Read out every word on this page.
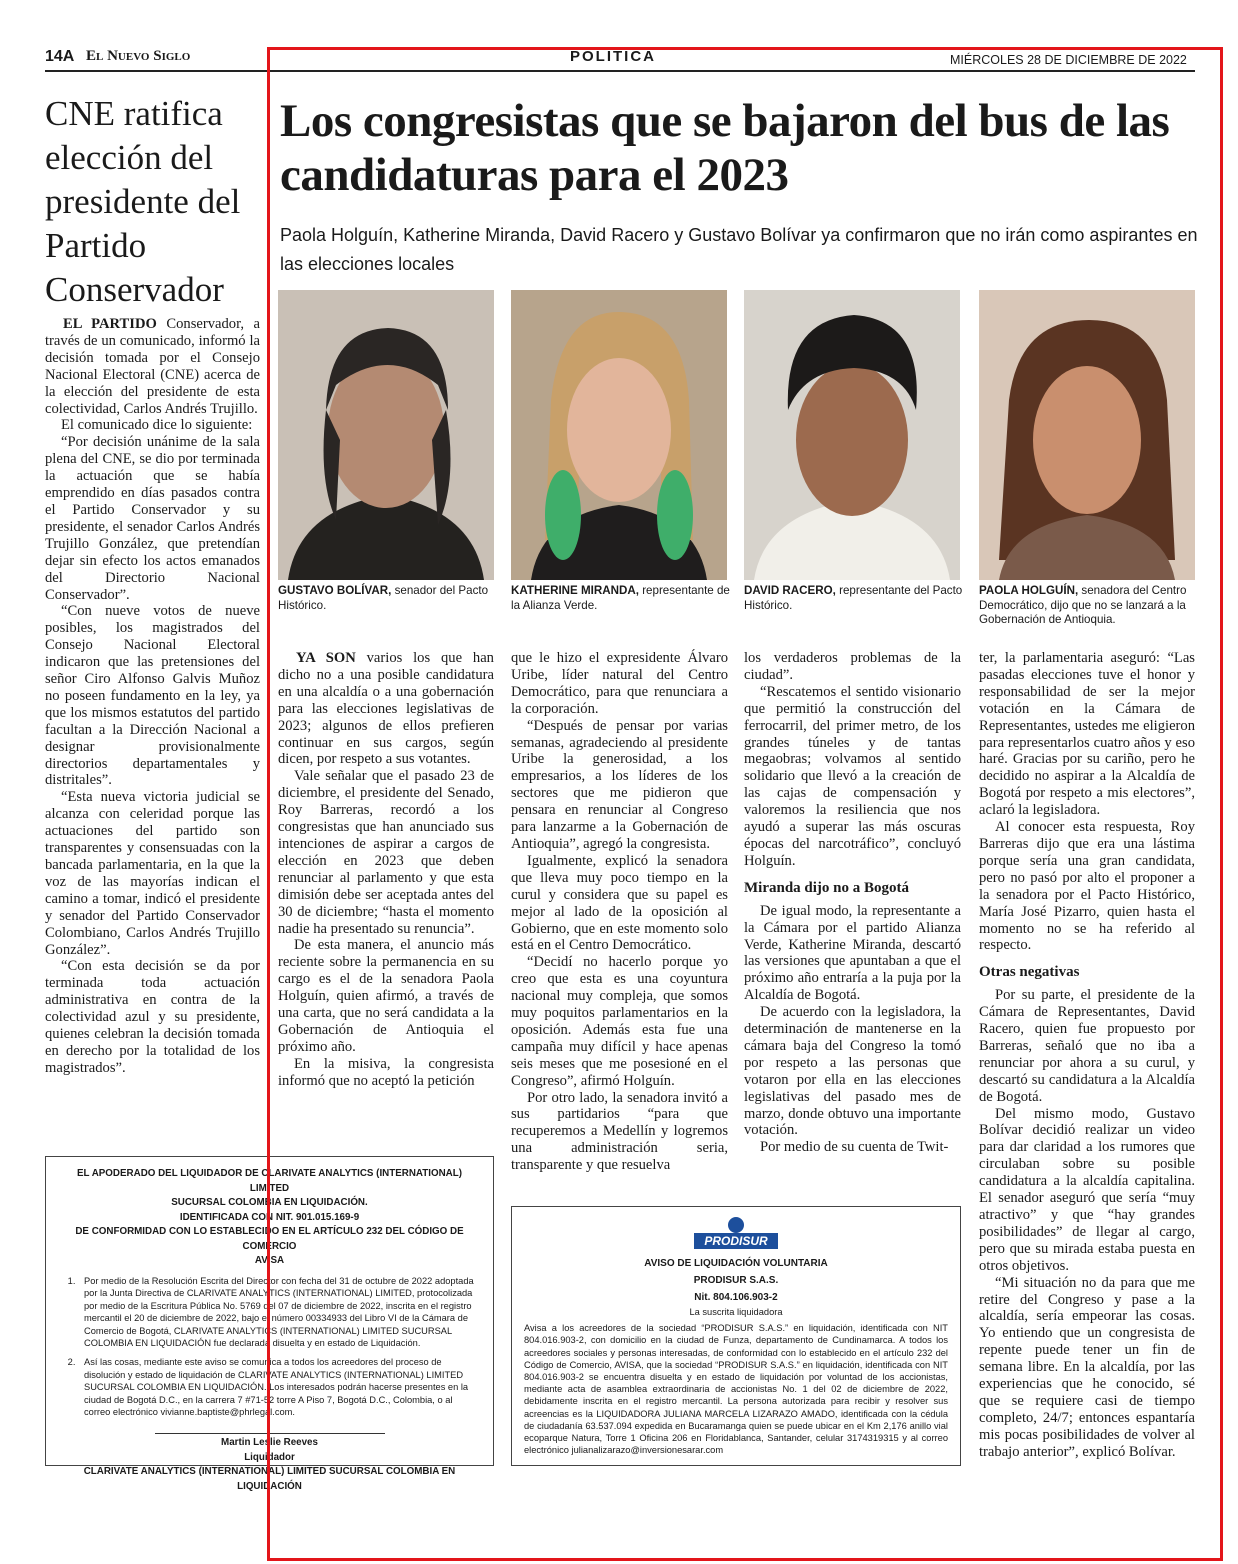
14A El Nuevo Siglo	POLITICA	MIÉRCOLES 28 DE DICIEMBRE DE 2022
CNE ratifica elección del presidente del Partido Conservador

EL PARTIDO Conservador, a través de un comunicado, informó la decisión tomada por el Consejo Nacional Electoral (CNE) acerca de la elección del presidente de esta colectividad, Carlos Andrés Trujillo.

El comunicado dice lo siguiente:

“Por decisión unánime de la sala plena del CNE, se dio por terminada la actuación que se había emprendido en días pasados contra el Partido Conservador y su presidente, el senador Carlos Andrés Trujillo González, que pretendían dejar sin efecto los actos emanados del Directorio Nacional Conservador”.

“Con nueve votos de nueve posibles, los magistrados del Consejo Nacional Electoral indicaron que las pretensiones del señor Ciro Alfonso Galvis Muñoz no poseen fundamento en la ley, ya que los mismos estatutos del partido facultan a la Dirección Nacional a designar provisionalmente directorios departamentales y distritales”.

“Esta nueva victoria judicial se alcanza con celeridad porque las actuaciones del partido son transparentes y consensuadas con la bancada parlamentaria, en la que la voz de las mayorías indican el camino a tomar, indicó el presidente y senador del Partido Conservador Colombiano, Carlos Andrés Trujillo González”.

“Con esta decisión se da por terminada toda actuación administrativa en contra de la colectividad azul y su presidente, quienes celebran la decisión tomada en derecho por la totalidad de los magistrados”.

Los congresistas que se bajaron del bus de las candidaturas para el 2023
Paola Holguín, Katherine Miranda, David Racero y Gustavo Bolívar ya confirmaron que no irán como aspirantes en las elecciones locales
GUSTAVO BOLÍVAR, senador del Pacto Histórico.
KATHERINE MIRANDA, representante de la Alianza Verde.
DAVID RACERO, representante del Pacto Histórico.
PAOLA HOLGUÍN, senadora del Centro Democrático, dijo que no se lanzará a la Gobernación de Antioquia.

YA SON varios los que han dicho no a una posible candidatura en una alcaldía o a una gobernación para las elecciones legislativas de 2023; algunos de ellos prefieren continuar en sus cargos, según dicen, por respeto a sus votantes.

Vale señalar que el pasado 23 de diciembre, el presidente del Senado, Roy Barreras, recordó a los congresistas que han anunciado sus intenciones de aspirar a cargos de elección en 2023 que deben renunciar al parlamento y que esta dimisión debe ser aceptada antes del 30 de diciembre; “hasta el momento nadie ha presentado su renuncia”.

De esta manera, el anuncio más reciente sobre la permanencia en su cargo es el de la senadora Paola Holguín, quien afirmó, a través de una carta, que no será candidata a la Gobernación de Antioquia el próximo año.

En la misiva, la congresista informó que no aceptó la petición

que le hizo el expresidente Álvaro Uribe, líder natural del Centro Democrático, para que renunciara a la corporación.

“Después de pensar por varias semanas, agradeciendo al presidente Uribe la generosidad, a los empresarios, a los líderes de los sectores que me pidieron que pensara en renunciar al Congreso para lanzarme a la Gobernación de Antioquia”, agregó la congresista.

Igualmente, explicó la senadora que lleva muy poco tiempo en la curul y considera que su papel es mejor al lado de la oposición al Gobierno, que en este momento solo está en el Centro Democrático.

“Decidí no hacerlo porque yo creo que esta es una coyuntura nacional muy compleja, que somos muy poquitos parlamentarios en la oposición. Además esta fue una campaña muy difícil y hace apenas seis meses que me posesioné en el Congreso”, afirmó Holguín.

Por otro lado, la senadora invitó a sus partidarios “para que recuperemos a Medellín y logremos una administración seria, transparente y que resuelva

los verdaderos problemas de la ciudad”.

“Rescatemos el sentido visionario que permitió la construcción del ferrocarril, del primer metro, de los grandes túneles y de tantas megaobras; volvamos al sentido solidario que llevó a la creación de las cajas de compensación y valoremos la resiliencia que nos ayudó a superar las más oscuras épocas del narcotráfico”, concluyó Holguín.

Miranda dijo no a Bogotá

De igual modo, la representante a la Cámara por el partido Alianza Verde, Katherine Miranda, descartó las versiones que apuntaban a que el próximo año entraría a la puja por la Alcaldía de Bogotá.

De acuerdo con la legisladora, la determinación de mantenerse en la cámara baja del Congreso la tomó por respeto a las personas que votaron por ella en las elecciones legislativas del pasado mes de marzo, donde obtuvo una importante votación.

Por medio de su cuenta de Twit-

ter, la parlamentaria aseguró: “Las pasadas elecciones tuve el honor y responsabilidad de ser la mejor votación en la Cámara de Representantes, ustedes me eligieron para representarlos cuatro años y eso haré. Gracias por su cariño, pero he decidido no aspirar a la Alcaldía de Bogotá por respeto a mis electores”, aclaró la legisladora.

Al conocer esta respuesta, Roy Barreras dijo que era una lástima porque sería una gran candidata, pero no pasó por alto el proponer a la senadora por el Pacto Histórico, María José Pizarro, quien hasta el momento no se ha referido al respecto.

Otras negativas

Por su parte, el presidente de la Cámara de Representantes, David Racero, quien fue propuesto por Barreras, señaló que no iba a renunciar por ahora a su curul, y descartó su candidatura a la Alcaldía de Bogotá.

Del mismo modo, Gustavo Bolívar decidió realizar un video para dar claridad a los rumores que circulaban sobre su posible candidatura a la alcaldía capitalina. El senador aseguró que sería “muy atractivo” y que “hay grandes posibilidades” de llegar al cargo, pero que su mirada estaba puesta en otros objetivos.

“Mi situación no da para que me retire del Congreso y pase a la alcaldía, sería empeorar las cosas. Yo entiendo que un congresista de repente puede tener un fin de semana libre. En la alcaldía, por las experiencias que he conocido, sé que se requiere casi de tiempo completo, 24/7; entonces espantaría mis pocas posibilidades de volver al trabajo anterior”, explicó Bolívar.

EL APODERADO DEL LIQUIDADOR DE CLARIVATE ANALYTICS (INTERNATIONAL) LIMITED
SUCURSAL COLOMBIA EN LIQUIDACIÓN.
IDENTIFICADA CON NIT. 901.015.169-9
DE CONFORMIDAD CON LO ESTABLECIDO EN EL ARTÍCULO 232 DEL CÓDIGO DE COMERCIO
AVISA
1. Por medio de la Resolución Escrita del Director con fecha del 31 de octubre de 2022 adoptada por la Junta Directiva de CLARIVATE ANALYTICS (INTERNATIONAL) LIMITED, protocolizada por medio de la Escritura Pública No. 5769 del 07 de diciembre de 2022, inscrita en el registro mercantil el 20 de diciembre de 2022, bajo el número 00334933 del Libro VI de la Cámara de Comercio de Bogotá, CLARIVATE ANALYTICS (INTERNATIONAL) LIMITED SUCURSAL COLOMBIA EN LIQUIDACIÓN fue declarada disuelta y en estado de Liquidación.
2. Así las cosas, mediante este aviso se comunica a todos los acreedores del proceso de disolución y estado de liquidación de CLARIVATE ANALYTICS (INTERNATIONAL) LIMITED SUCURSAL COLOMBIA EN LIQUIDACIÓN. Los interesados podrán hacerse presentes en la ciudad de Bogotá D.C., en la carrera 7 #71-52 torre A Piso 7, Bogotá D.C., Colombia, o al correo electrónico vivianne.baptiste@phrlegal.com.
Martin Leslie Reeves
Liquidador
CLARIVATE ANALYTICS (INTERNATIONAL) LIMITED SUCURSAL COLOMBIA EN LIQUIDACIÓN
PRODISUR
AVISO DE LIQUIDACIÓN VOLUNTARIA
PRODISUR S.A.S.
Nit. 804.106.903-2
La suscrita liquidadora
Avisa a los acreedores de la sociedad “PRODISUR S.A.S.” en liquidación, identificada con NIT 804.016.903-2, con domicilio en la ciudad de Funza, departamento de Cundinamarca. A todos los acreedores sociales y personas interesadas, de conformidad con lo establecido en el artículo 232 del Código de Comercio, AVISA, que la sociedad “PRODISUR S.A.S.” en liquidación, identificada con NIT 804.016.903-2 se encuentra disuelta y en estado de liquidación por voluntad de los accionistas, mediante acta de asamblea extraordinaria de accionistas No. 1 del 02 de diciembre de 2022, debidamente inscrita en el registro mercantil. La persona autorizada para recibir y resolver sus acreencias es la LIQUIDADORA JULIANA MARCELA LIZARAZO AMADO, identificada con la cédula de ciudadanía 63.537.094 expedida en Bucaramanga quien se puede ubicar en el Km 2,176 anillo vial ecoparque Natura, Torre 1 Oficina 206 en Floridablanca, Santander, celular 3174319315 y al correo electrónico julianalizarazo@inversionesarar.com
